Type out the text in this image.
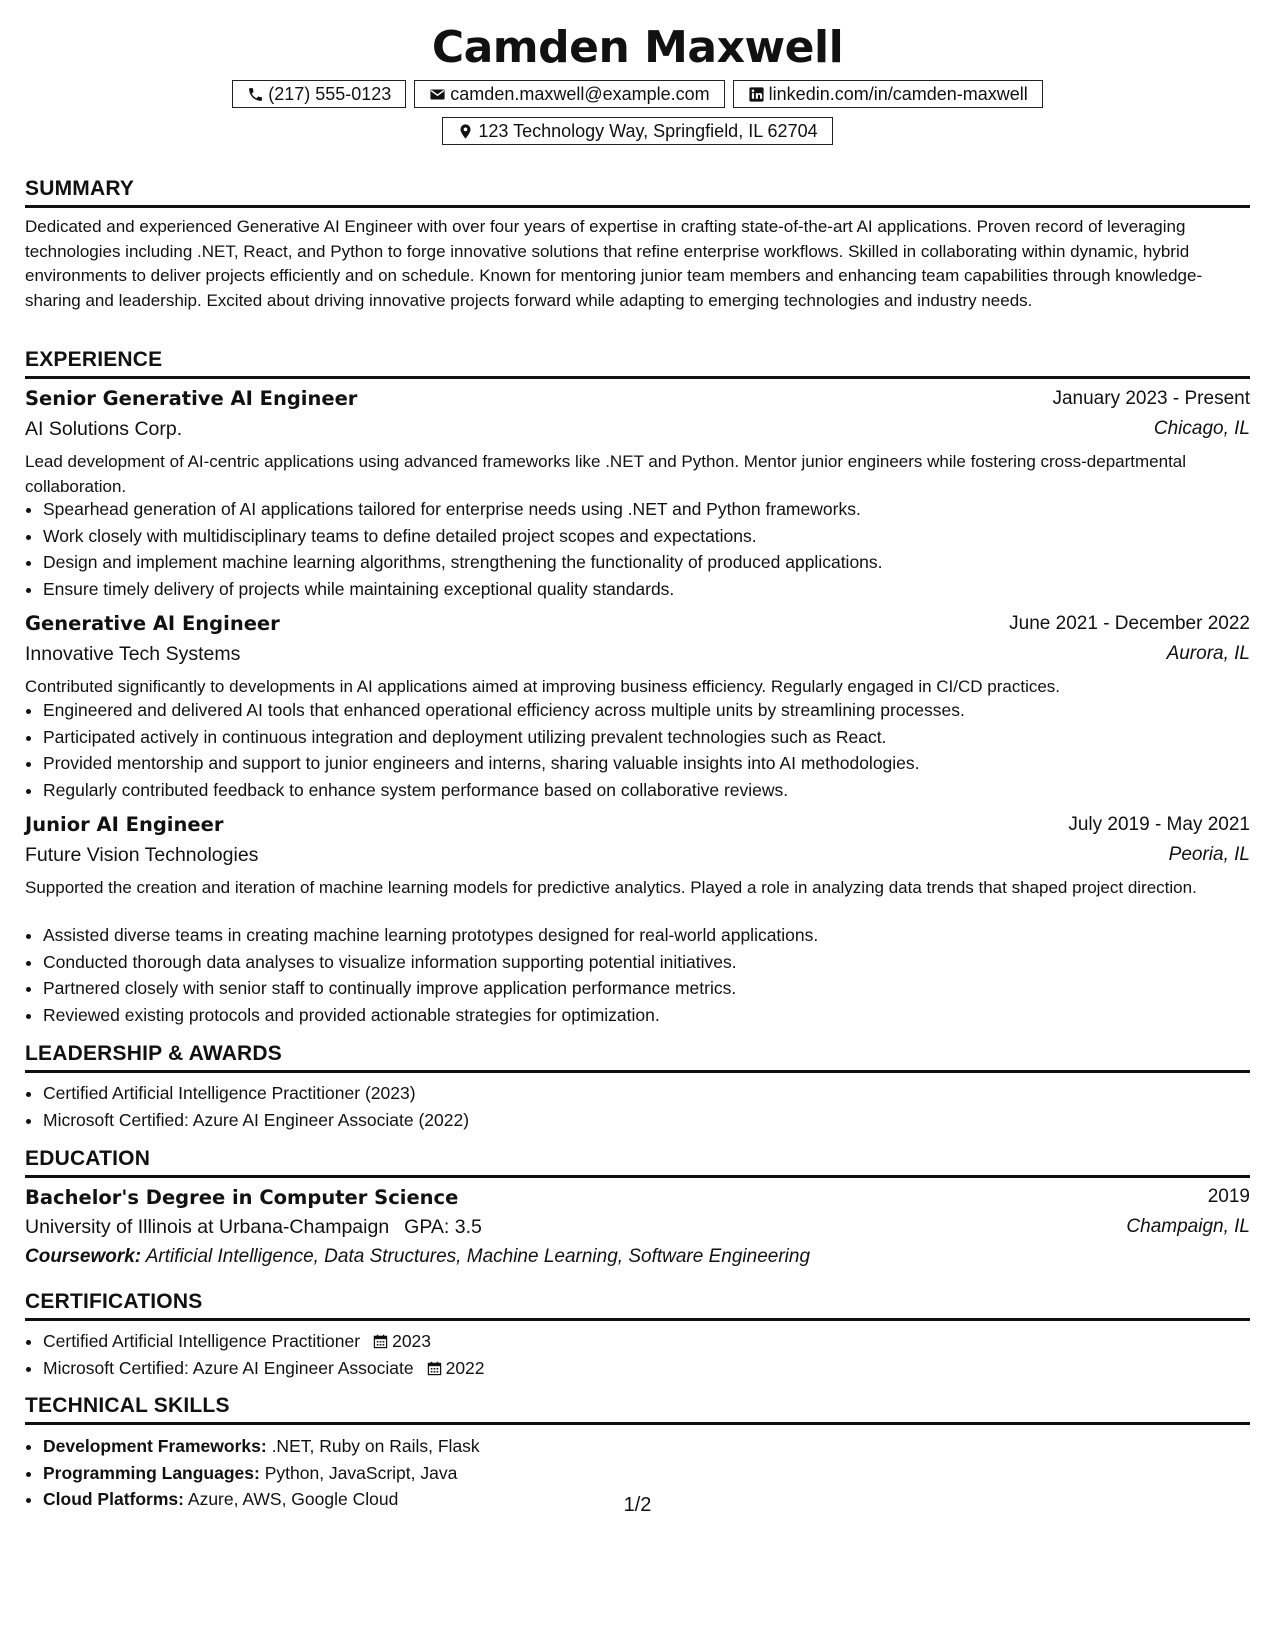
Camden Maxwell
(217) 555-0123	camden.maxwell@example.com	linkedin.com/in/camden-maxwell
123 Technology Way, Springfield, IL 62704
SUMMARY

Dedicated and experienced Generative AI Engineer with over four years of expertise in crafting state-of-the-art AI applications. Proven record of leveraging technologies including .NET, React, and Python to forge innovative solutions that refine enterprise workflows. Skilled in collaborating within dynamic, hybrid environments to deliver projects efficiently and on schedule. Known for mentoring junior team members and enhancing team capabilities through knowledge-sharing and leadership. Excited about driving innovative projects forward while adapting to emerging technologies and industry needs.

EXPERIENCE
Senior Generative AI Engineer	January 2023 - Present
AI Solutions Corp.	Chicago, IL

Lead development of AI-centric applications using advanced frameworks like .NET and Python. Mentor junior engineers while fostering cross-departmental collaboration.

• Spearhead generation of AI applications tailored for enterprise needs using .NET and Python frameworks.
• Work closely with multidisciplinary teams to define detailed project scopes and expectations.
• Design and implement machine learning algorithms, strengthening the functionality of produced applications.
• Ensure timely delivery of projects while maintaining exceptional quality standards.
Generative AI Engineer	June 2021 - December 2022
Innovative Tech Systems	Aurora, IL

Contributed significantly to developments in AI applications aimed at improving business efficiency. Regularly engaged in CI/CD practices.

• Engineered and delivered AI tools that enhanced operational efficiency across multiple units by streamlining processes.
• Participated actively in continuous integration and deployment utilizing prevalent technologies such as React.
• Provided mentorship and support to junior engineers and interns, sharing valuable insights into AI methodologies.
• Regularly contributed feedback to enhance system performance based on collaborative reviews.
Junior AI Engineer	July 2019 - May 2021
Future Vision Technologies	Peoria, IL

Supported the creation and iteration of machine learning models for predictive analytics. Played a role in analyzing data trends that shaped project direction.

• Assisted diverse teams in creating machine learning prototypes designed for real-world applications.
• Conducted thorough data analyses to visualize information supporting potential initiatives.
• Partnered closely with senior staff to continually improve application performance metrics.
• Reviewed existing protocols and provided actionable strategies for optimization.
LEADERSHIP & AWARDS
• Certified Artificial Intelligence Practitioner (2023)
• Microsoft Certified: Azure AI Engineer Associate (2022)
EDUCATION
Bachelor's Degree in Computer Science	2019
University of Illinois at Urbana-Champaign GPA: 3.5	Champaign, IL
Coursework: Artificial Intelligence, Data Structures, Machine Learning, Software Engineering
CERTIFICATIONS
• Certified Artificial Intelligence Practitioner 2023
• Microsoft Certified: Azure AI Engineer Associate 2022
TECHNICAL SKILLS
• Development Frameworks: .NET, Ruby on Rails, Flask
• Programming Languages: Python, JavaScript, Java
• Cloud Platforms: Azure, AWS, Google Cloud	1/2
